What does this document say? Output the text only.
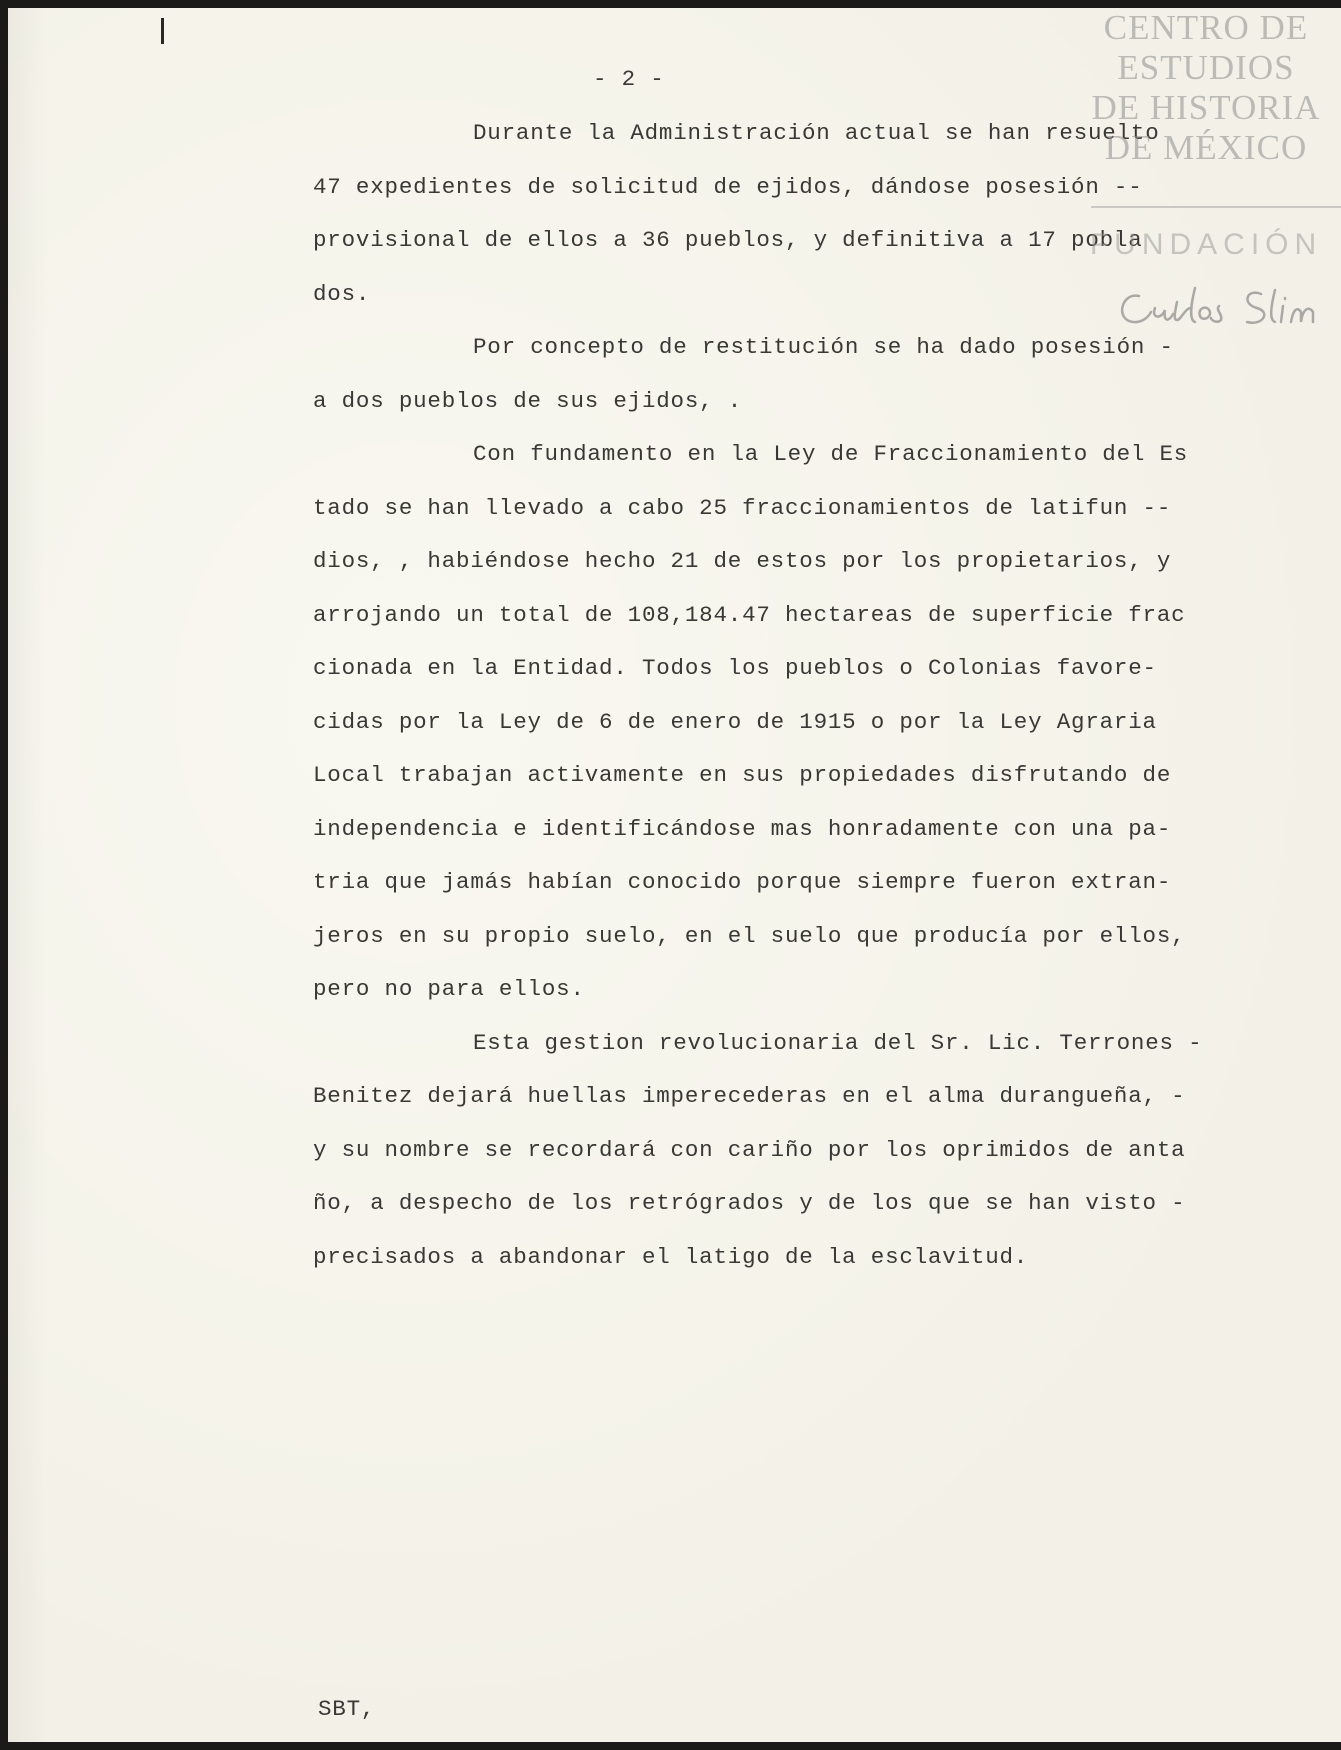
- 2 -

Durante la Administración actual se han resuelto

47 expedientes de solicitud de ejidos, dándose posesión --

provisional de ellos a 36 pueblos, y definitiva a 17 pobla

dos.

Por concepto de restitución se ha dado posesión -

a dos pueblos de sus ejidos, .

Con fundamento en la Ley de Fraccionamiento del Es

tado se han llevado a cabo 25 fraccionamientos de latifun --

dios, , habiéndose hecho 21 de estos por los propietarios, y

arrojando un total de 108,184.47 hectareas de superficie frac

cionada en la Entidad. Todos los pueblos o Colonias favore-

cidas por la Ley de 6 de enero de 1915 o por la Ley Agraria

Local trabajan activamente en sus propiedades disfrutando de

independencia e identificándose mas honradamente con una pa-

tria que jamás habían conocido porque siempre fueron extran-

jeros en su propio suelo, en el suelo que producía por ellos,

pero no para ellos.

Esta gestion revolucionaria del Sr. Lic. Terrones -

Benitez dejará huellas imperecederas en el alma duranguеña, -

y su nombre se recordará con cariño por los oprimidos de anta

ño, a despecho de los retrógrados y de los que se han visto -

precisados a abandonar el latigo de la esclavitud.

SBT,

CENTRO DE
ESTUDIOS
DE HISTORIA
DE MÉXICO
FUNDACIÓN
